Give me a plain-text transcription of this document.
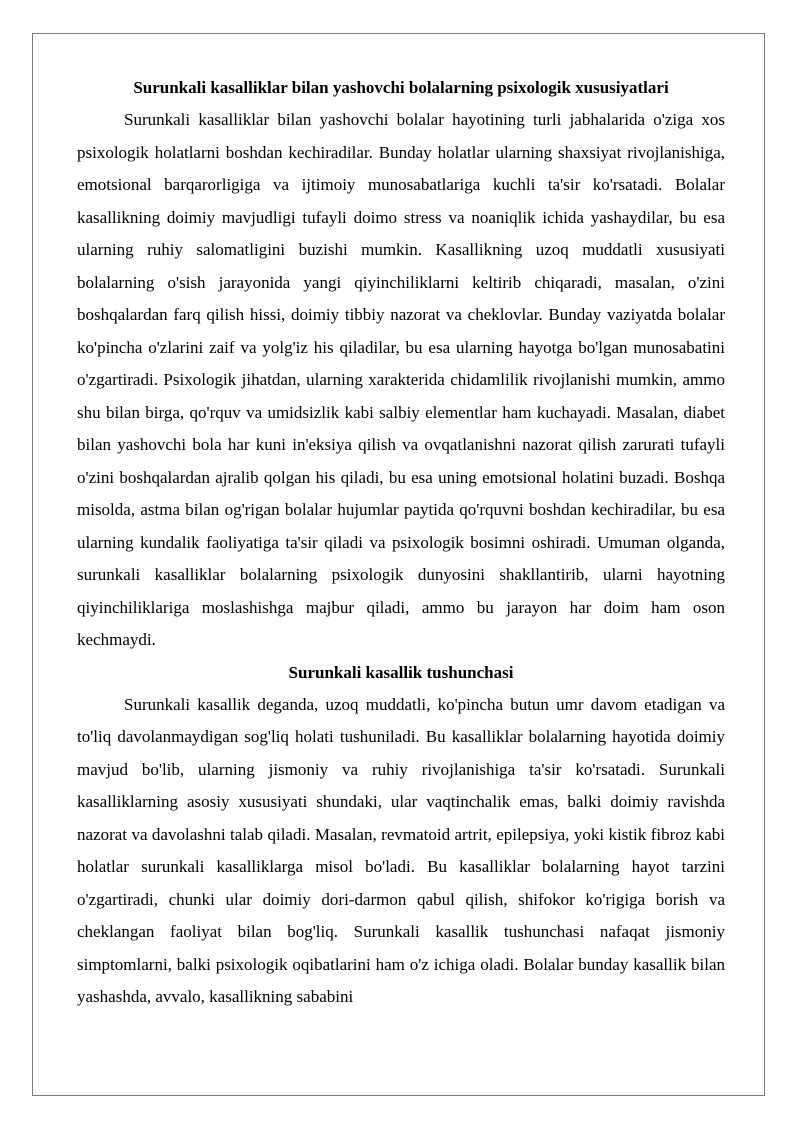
Surunkali kasalliklar bilan yashovchi bolalarning psixologik xususiyatlari

Surunkali kasalliklar bilan yashovchi bolalar hayotining turli jabhalarida o'ziga xos psixologik holatlarni boshdan kechiradilar. Bunday holatlar ularning shaxsiyat rivojlanishiga, emotsional barqarorligiga va ijtimoiy munosabatlariga kuchli ta'sir ko'rsatadi. Bolalar kasallikning doimiy mavjudligi tufayli doimo stress va noaniqlik ichida yashaydilar, bu esa ularning ruhiy salomatligini buzishi mumkin. Kasallikning uzoq muddatli xususiyati bolalarning o'sish jarayonida yangi qiyinchiliklarni keltirib chiqaradi, masalan, o'zini boshqalardan farq qilish hissi, doimiy tibbiy nazorat va cheklovlar. Bunday vaziyatda bolalar ko'pincha o'zlarini zaif va yolg'iz his qiladilar, bu esa ularning hayotga bo'lgan munosabatini o'zgartiradi. Psixologik jihatdan, ularning xarakterida chidamlilik rivojlanishi mumkin, ammo shu bilan birga, qo'rquv va umidsizlik kabi salbiy elementlar ham kuchayadi. Masalan, diabet bilan yashovchi bola har kuni in'eksiya qilish va ovqatlanishni nazorat qilish zarurati tufayli o'zini boshqalardan ajralib qolgan his qiladi, bu esa uning emotsional holatini buzadi. Boshqa misolda, astma bilan og'rigan bolalar hujumlar paytida qo'rquvni boshdan kechiradilar, bu esa ularning kundalik faoliyatiga ta'sir qiladi va psixologik bosimni oshiradi. Umuman olganda, surunkali kasalliklar bolalarning psixologik dunyosini shakllantirib, ularni hayotning qiyinchiliklariga moslashishga majbur qiladi, ammo bu jarayon har doim ham oson kechmaydi.

Surunkali kasallik tushunchasi

Surunkali kasallik deganda, uzoq muddatli, ko'pincha butun umr davom etadigan va to'liq davolanmaydigan sog'liq holati tushuniladi. Bu kasalliklar bolalarning hayotida doimiy mavjud bo'lib, ularning jismoniy va ruhiy rivojlanishiga ta'sir ko'rsatadi. Surunkali kasalliklarning asosiy xususiyati shundaki, ular vaqtinchalik emas, balki doimiy ravishda nazorat va davolashni talab qiladi. Masalan, revmatoid artrit, epilepsiya, yoki kistik fibroz kabi holatlar surunkali kasalliklarga misol bo'ladi. Bu kasalliklar bolalarning hayot tarzini o'zgartiradi, chunki ular doimiy dori-darmon qabul qilish, shifokor ko'rigiga borish va cheklangan faoliyat bilan bog'liq. Surunkali kasallik tushunchasi nafaqat jismoniy simptomlarni, balki psixologik oqibatlarini ham o'z ichiga oladi. Bolalar bunday kasallik bilan yashashda, avvalo, kasallikning sababini
